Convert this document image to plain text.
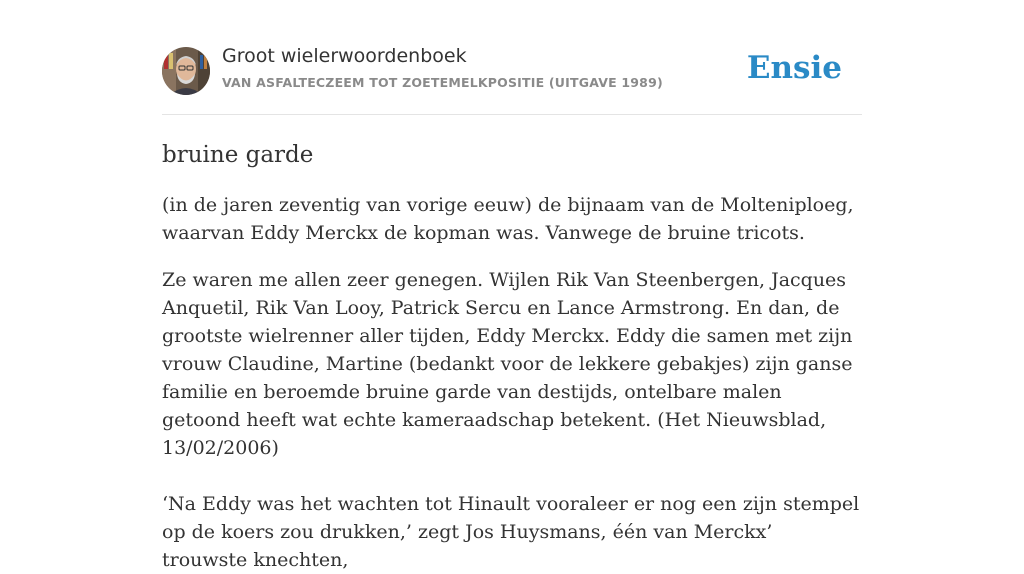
Groot wielerwoordenboek
VAN ASFALTECZEEM TOT ZOETEMELKPOSITIE (UITGAVE 1989)	Ensie
bruine garde

(in de jaren zeventig van vorige eeuw) de bijnaam van de Molteniploeg, waarvan Eddy Merckx de kopman was. Vanwege de bruine tricots.

Ze waren me allen zeer genegen. Wijlen Rik Van Steenbergen, Jacques Anquetil, Rik Van Looy, Patrick Sercu en Lance Armstrong. En dan, de grootste wielrenner aller tijden, Eddy Merckx. Eddy die samen met zijn vrouw Claudine, Martine (bedankt voor de lekkere gebakjes) zijn ganse familie en beroemde bruine garde van destijds, ontelbare malen getoond heeft wat echte kameraadschap betekent. (Het Nieuwsblad, 13/02/2006)

‘Na Eddy was het wachten tot Hinault vooraleer er nog een zijn stempel op de koers zou drukken,’ zegt Jos Huysmans, één van Merckx’ trouwste knechten,
